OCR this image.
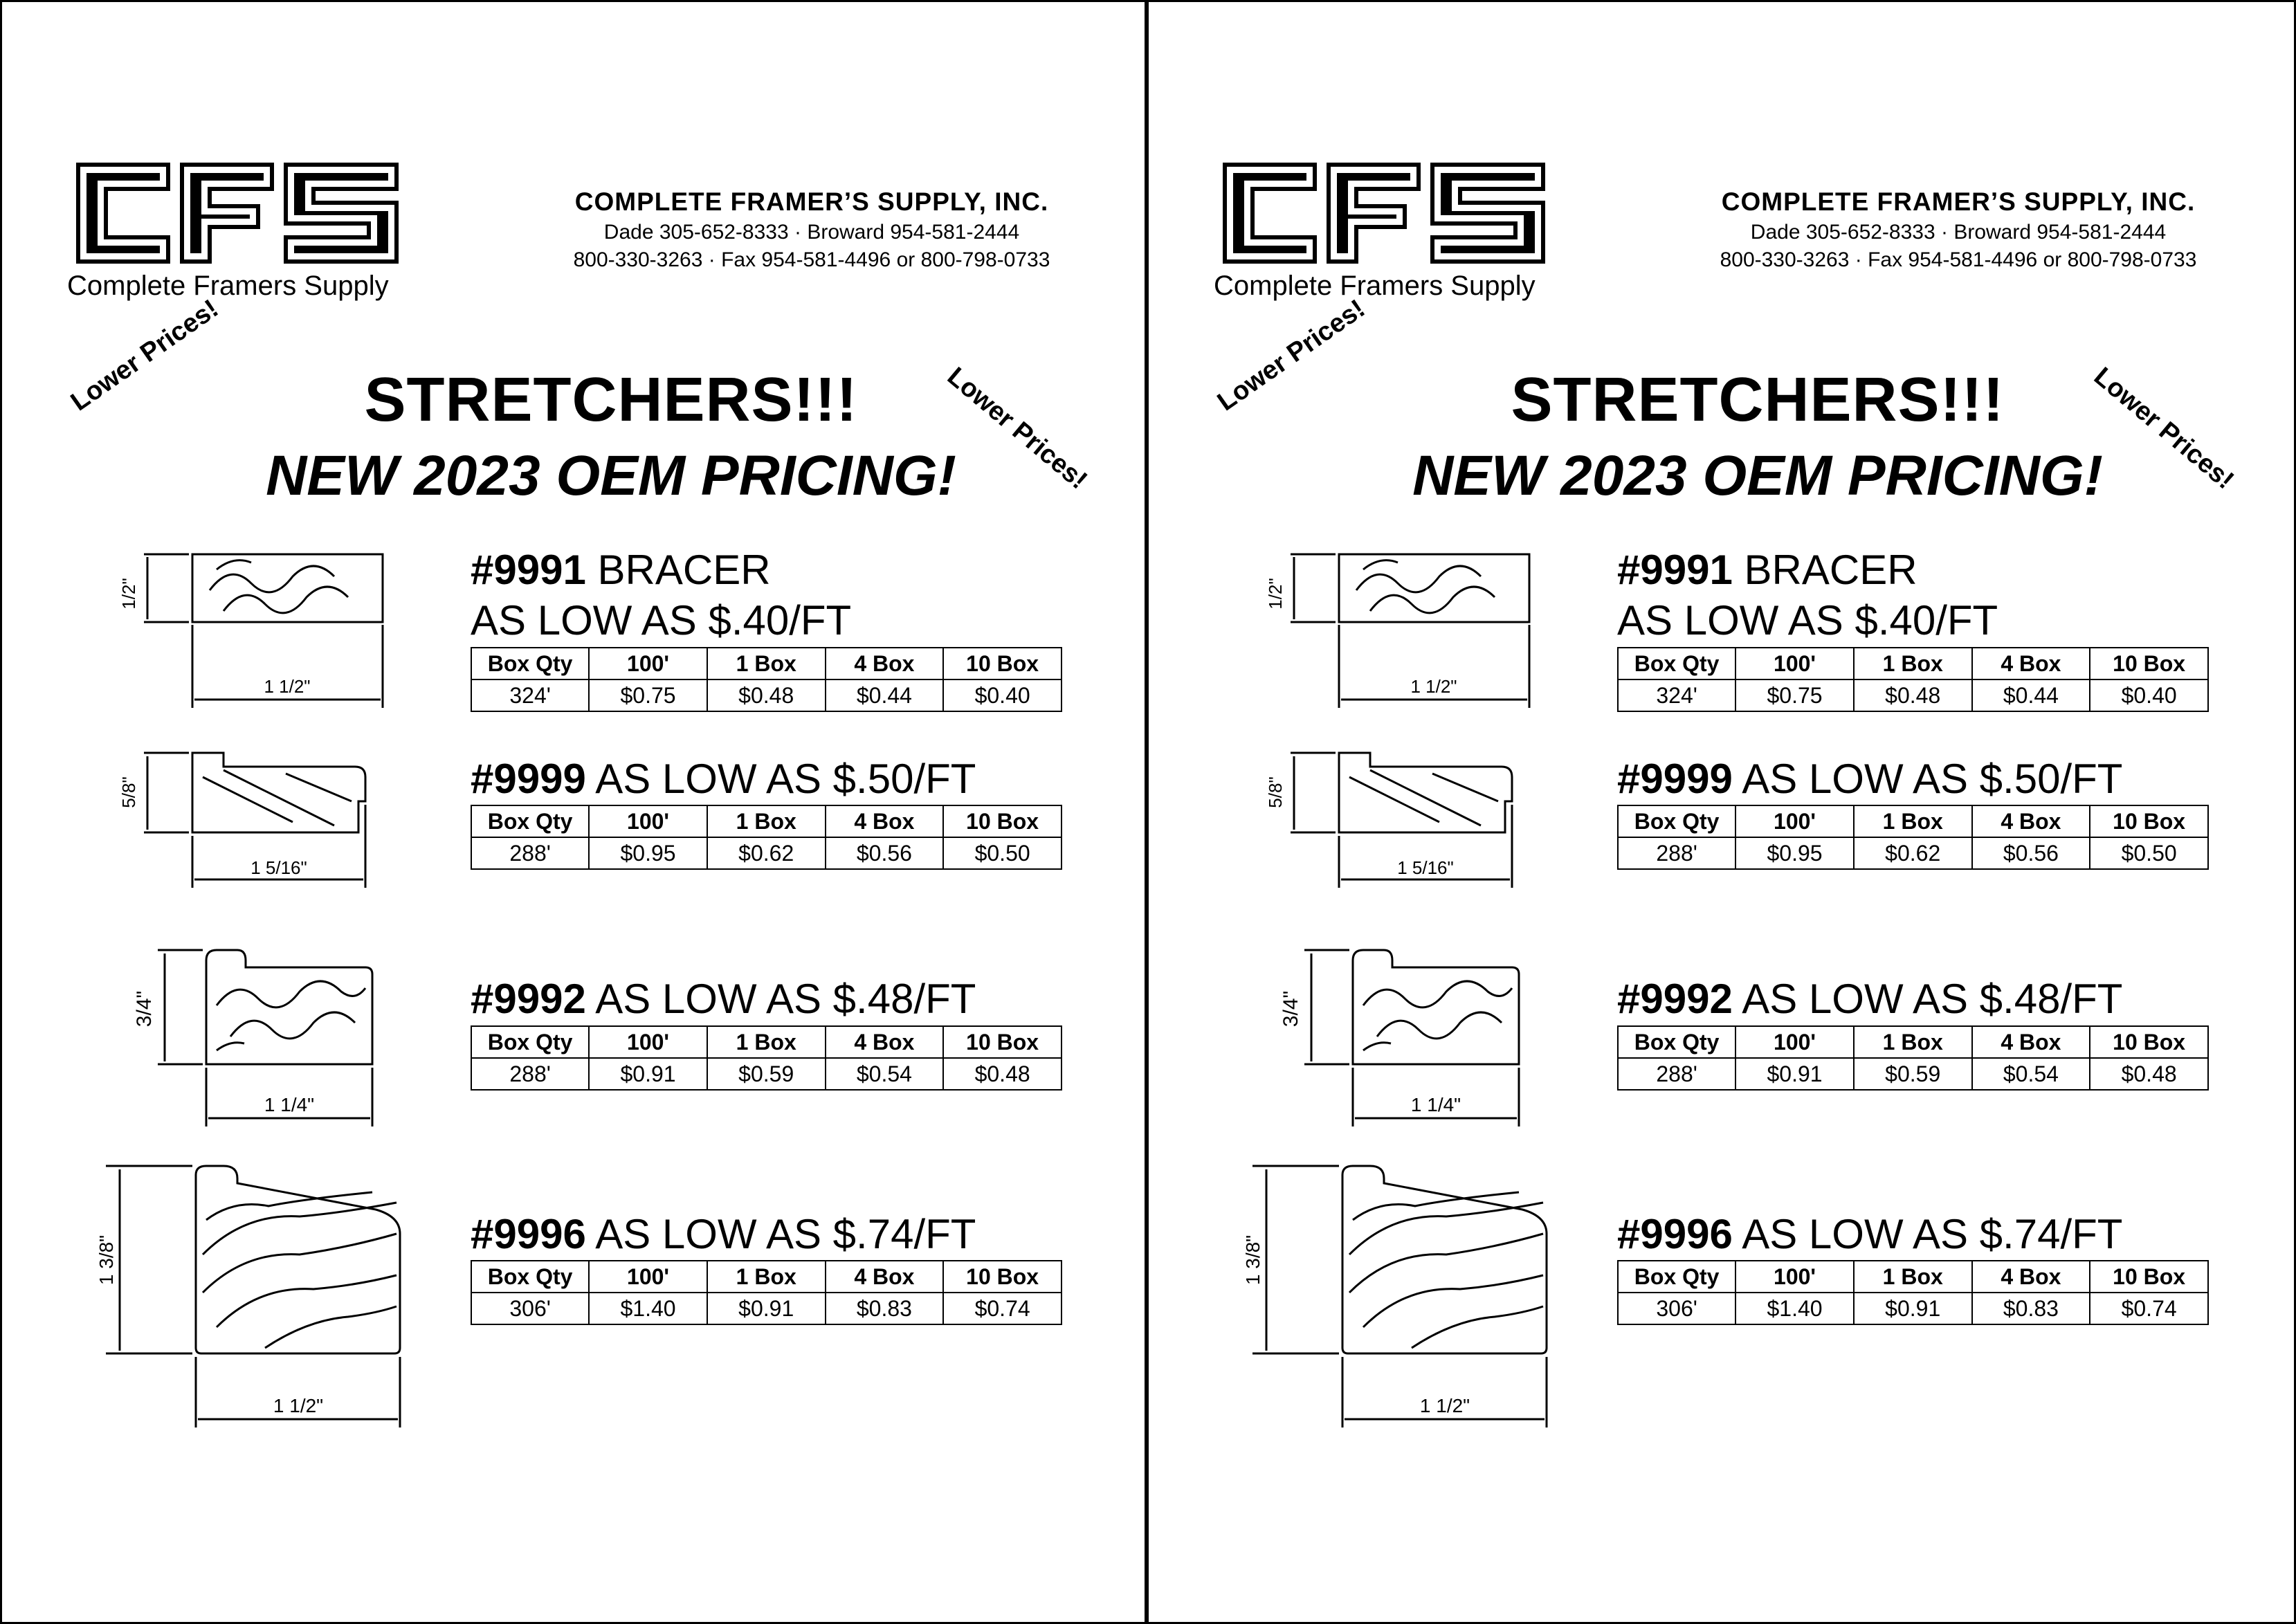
Complete Framers Supply
COMPLETE FRAMER’S SUPPLY, INC.
Dade 305-652-8333 · Broward 954-581-2444
800-330-3263 · Fax 954-581-4496 or 800-798-0733
Lower Prices!
Lower Prices!
STRETCHERS!!!
NEW 2023 OEM PRICING!
1/2"
1 1/2"
#9991 BRACER
AS LOW AS $.40/FT
Box Qty	100'	1 Box	4 Box	10 Box
324'	$0.75	$0.48	$0.44	$0.40
5/8"
1 5/16"
#9999 AS LOW AS $.50/FT
Box Qty	100'	1 Box	4 Box	10 Box
288'	$0.95	$0.62	$0.56	$0.50
3/4"
1 1/4"
#9992 AS LOW AS $.48/FT
Box Qty	100'	1 Box	4 Box	10 Box
288'	$0.91	$0.59	$0.54	$0.48
1 3/8"
1 1/2"
#9996 AS LOW AS $.74/FT
Box Qty	100'	1 Box	4 Box	10 Box
306'	$1.40	$0.91	$0.83	$0.74
Complete Framers Supply
COMPLETE FRAMER’S SUPPLY, INC.
Dade 305-652-8333 · Broward 954-581-2444
800-330-3263 · Fax 954-581-4496 or 800-798-0733
Lower Prices!
Lower Prices!
STRETCHERS!!!
NEW 2023 OEM PRICING!
1/2"
1 1/2"
#9991 BRACER
AS LOW AS $.40/FT
Box Qty	100'	1 Box	4 Box	10 Box
324'	$0.75	$0.48	$0.44	$0.40
5/8"
1 5/16"
#9999 AS LOW AS $.50/FT
Box Qty	100'	1 Box	4 Box	10 Box
288'	$0.95	$0.62	$0.56	$0.50
3/4"
1 1/4"
#9992 AS LOW AS $.48/FT
Box Qty	100'	1 Box	4 Box	10 Box
288'	$0.91	$0.59	$0.54	$0.48
1 3/8"
1 1/2"
#9996 AS LOW AS $.74/FT
Box Qty	100'	1 Box	4 Box	10 Box
306'	$1.40	$0.91	$0.83	$0.74
